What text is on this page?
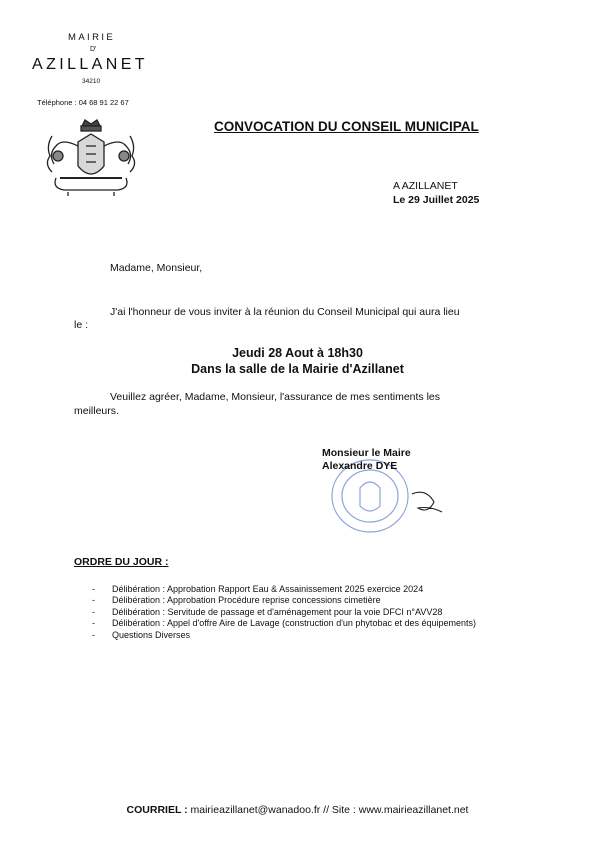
MAIRIE
D'
AZILLANET
34210
Téléphone : 04 68 91 22 67
CONVOCATION DU CONSEIL MUNICIPAL
A AZILLANET
Le 29 Juillet 2025
Madame, Monsieur,
J'ai l'honneur de vous inviter à la réunion du Conseil Municipal qui aura lieu
le :
Jeudi 28 Aout à 18h30
Dans la salle de la Mairie d'Azillanet
Veuillez agréer, Madame, Monsieur, l'assurance de mes sentiments les
meilleurs.
Monsieur le Maire
Alexandre DYE
ORDRE DU JOUR :
- Délibération : Approbation Rapport Eau & Assainissement 2025 exercice 2024
- Délibération : Approbation Procédure reprise concessions cimetière
- Délibération : Servitude de passage et d'aménagement pour la voie DFCI n°AVV28
- Délibération : Appel d'offre Aire de Lavage (construction d'un phytobac et des équipements)
- Questions Diverses
COURRIEL : mairieazillanet@wanadoo.fr // Site : www.mairieazillanet.net
